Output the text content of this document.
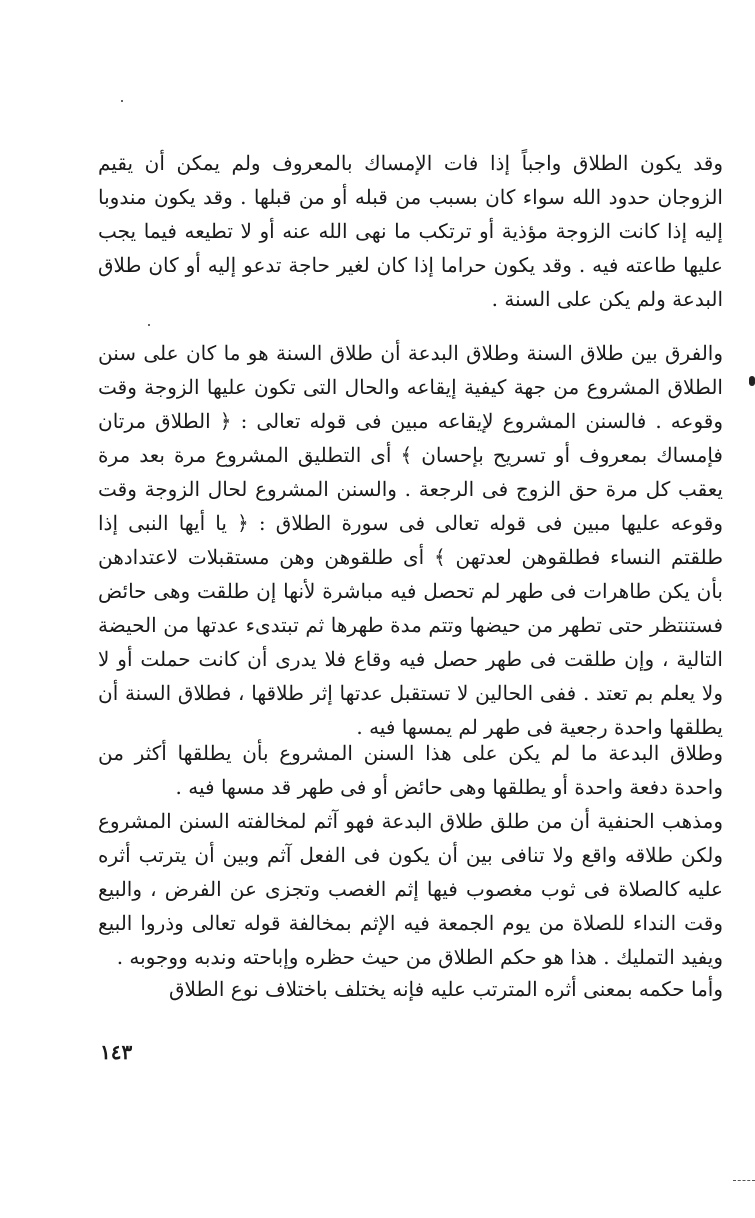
وقد يكون الطلاق واجباً إذا فات الإمساك بالمعروف ولم يمكن أن يقيم الزوجان حدود الله سواء كان بسبب من قبله أو من قبلها . وقد يكون مندوبا إليه إذا كانت الزوجة مؤذية أو ترتكب ما نهى الله عنه أو لا تطيعه فيما يجب عليها طاعته فيه . وقد يكون حراما إذا كان لغير حاجة تدعو إليه أو كان طلاق البدعة ولم يكن على السنة .

والفرق بين طلاق السنة وطلاق البدعة أن طلاق السنة هو ما كان على سنن الطلاق المشروع من جهة كيفية إيقاعه والحال التى تكون عليها الزوجة وقت وقوعه . فالسنن المشروع لإيقاعه مبين فى قوله تعالى : ﴿ الطلاق مرتان فإمساك بمعروف أو تسريح بإحسان ﴾ أى التطليق المشروع مرة بعد مرة يعقب كل مرة حق الزوج فى الرجعة . والسنن المشروع لحال الزوجة وقت وقوعه عليها مبين فى قوله تعالى فى سورة الطلاق : ﴿ يا أيها النبى إذا طلقتم النساء فطلقوهن لعدتهن ﴾ أى طلقوهن وهن مستقبلات لاعتدادهن بأن يكن طاهرات فى طهر لم تحصل فيه مباشرة لأنها إن طلقت وهى حائض فستنتظر حتى تطهر من حيضها وتتم مدة طهرها ثم تبتدىء عدتها من الحيضة التالية ، وإن طلقت فى طهر حصل فيه وقاع فلا يدرى أن كانت حملت أو لا ولا يعلم بم تعتد . ففى الحالين لا تستقبل عدتها إثر طلاقها ، فطلاق السنة أن يطلقها واحدة رجعية فى طهر لم يمسها فيه .

وطلاق البدعة ما لم يكن على هذا السنن المشروع بأن يطلقها أكثر من واحدة دفعة واحدة أو يطلقها وهى حائض أو فى طهر قد مسها فيه .

ومذهب الحنفية أن من طلق طلاق البدعة فهو آثم لمخالفته السنن المشروع ولكن طلاقه واقع ولا تنافى بين أن يكون فى الفعل آثم وبين أن يترتب أثره عليه كالصلاة فى ثوب مغصوب فيها إثم الغصب وتجزى عن الفرض ، والبيع وقت النداء للصلاة من يوم الجمعة فيه الإثم بمخالفة قوله تعالى وذروا البيع ويفيد التمليك . هذا هو حكم الطلاق من حيث حظره وإباحته وندبه ووجوبه .

وأما حكمه بمعنى أثره المترتب عليه فإنه يختلف باختلاف نوع الطلاق

١٤٣
